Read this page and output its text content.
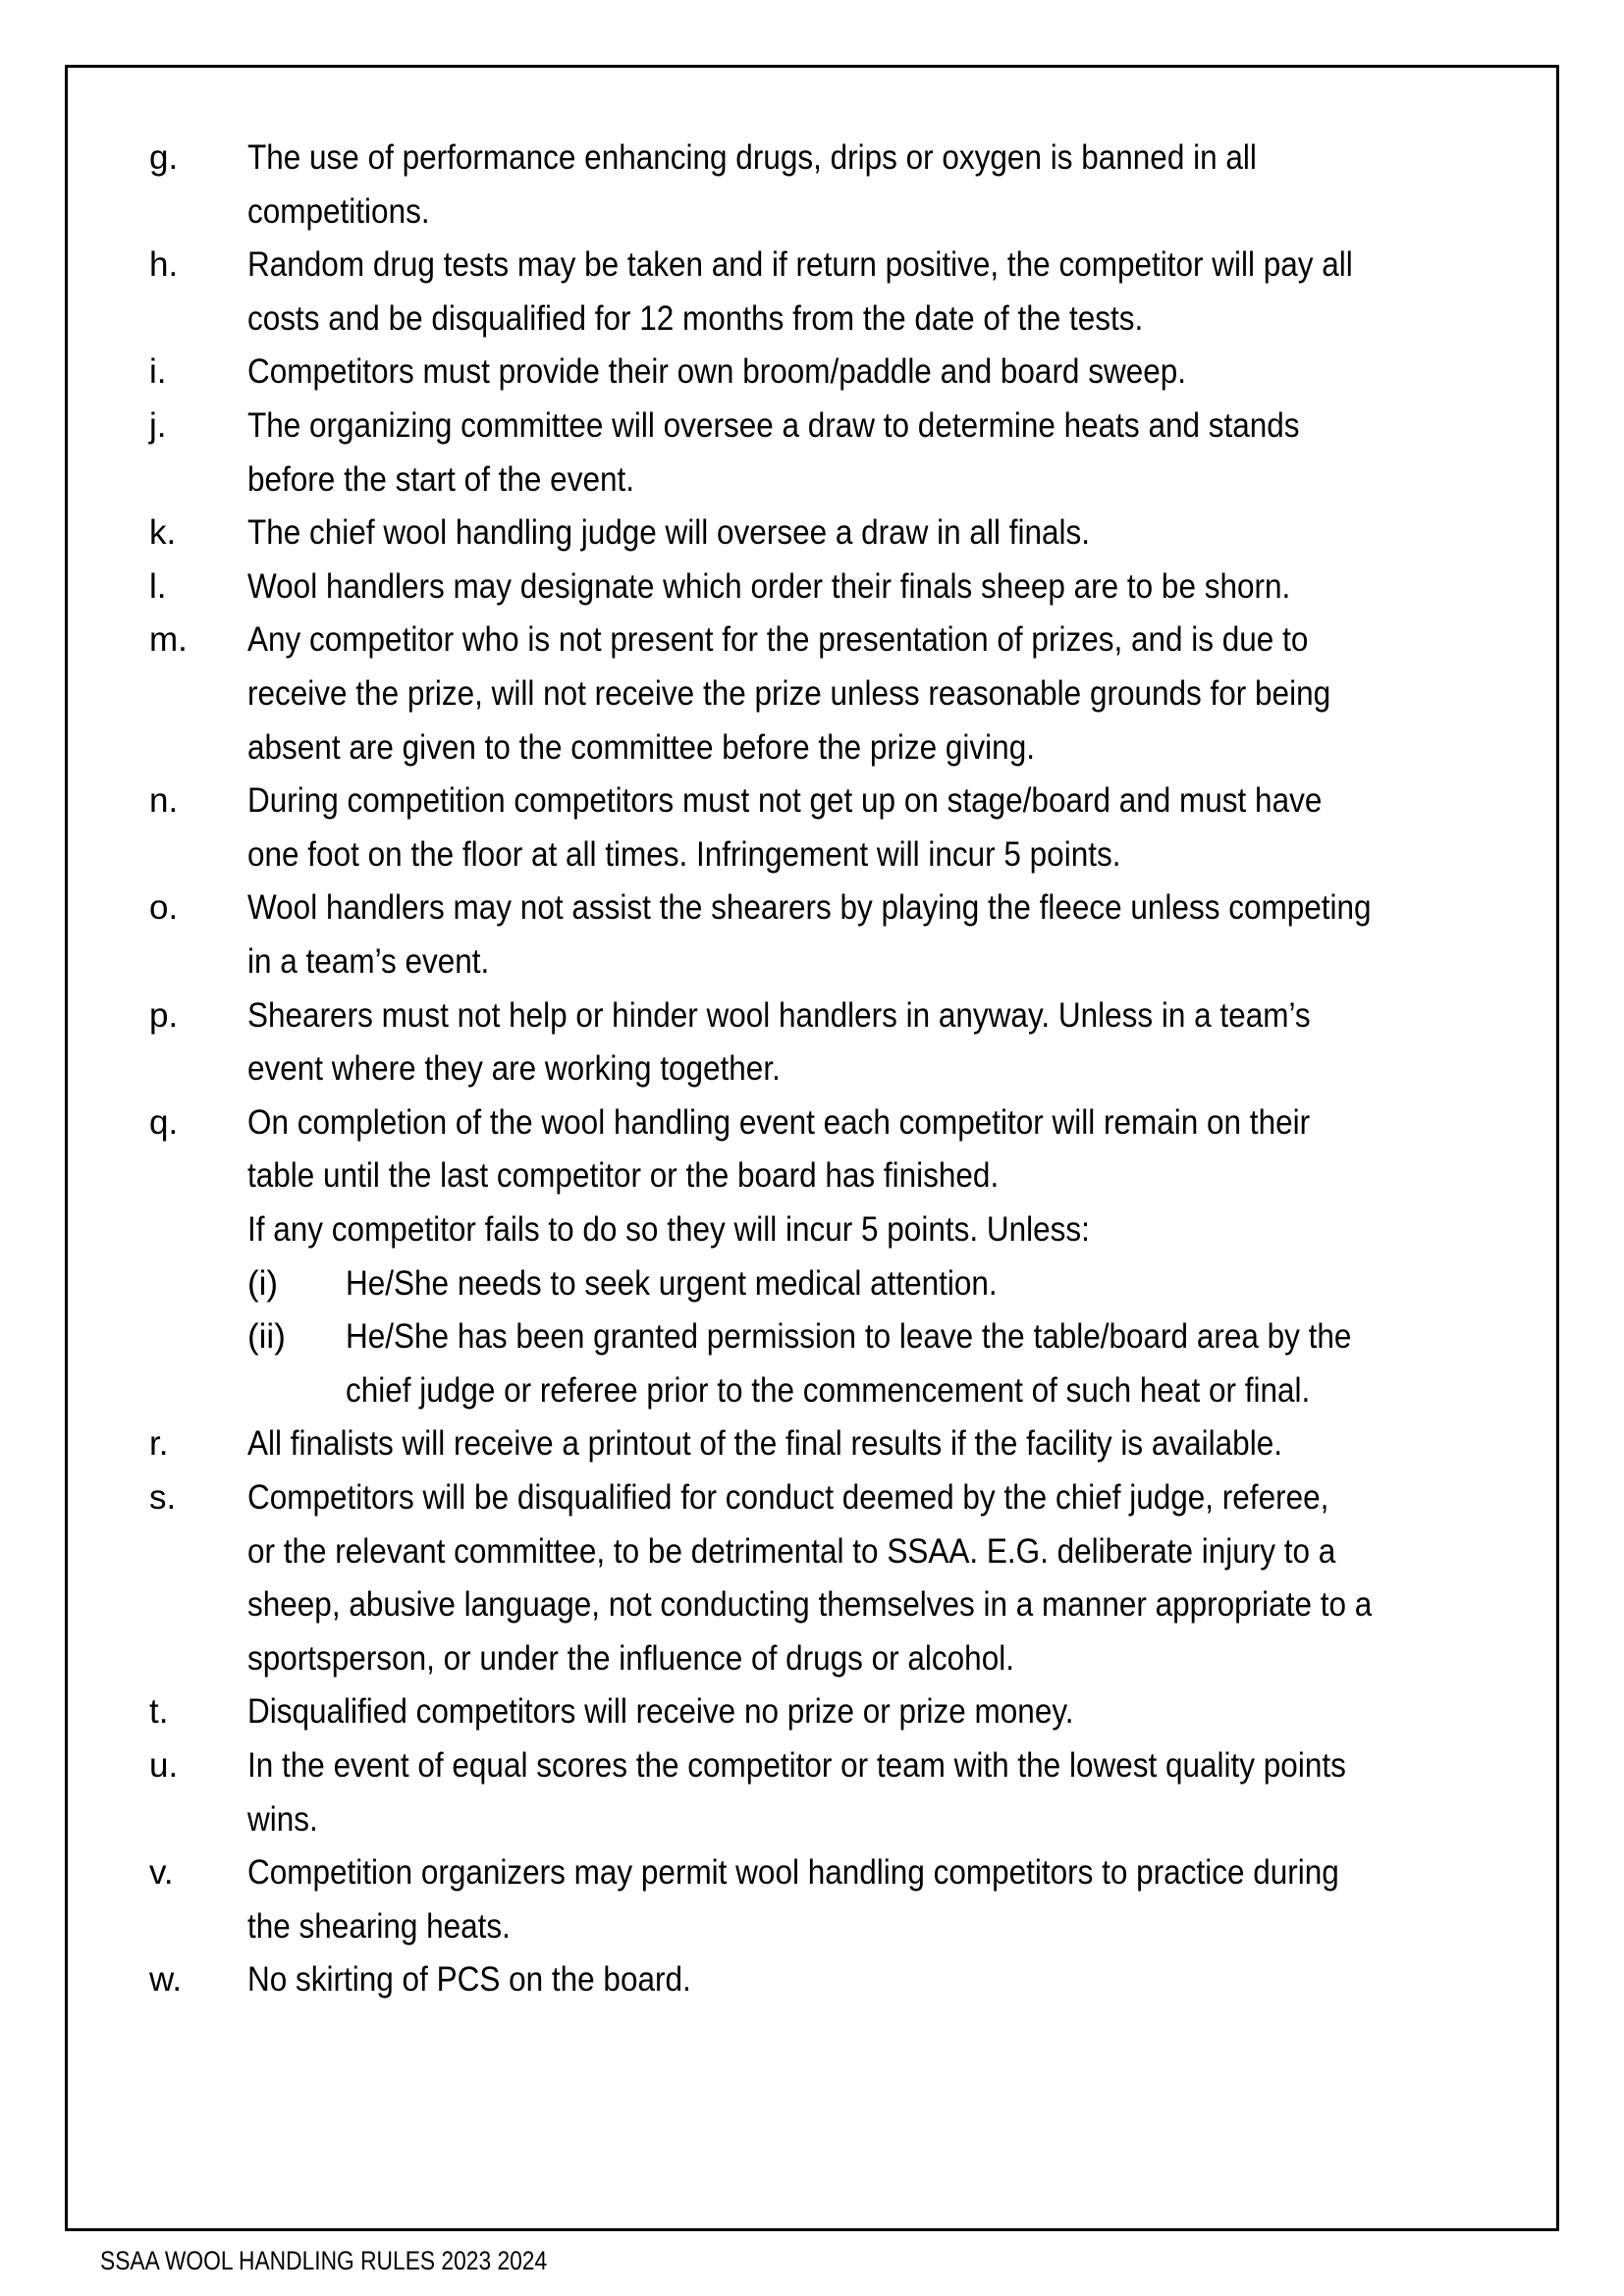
g. The use of performance enhancing drugs, drips or oxygen is banned in all
competitions.
h. Random drug tests may be taken and if return positive, the competitor will pay all
costs and be disqualified for 12 months from the date of the tests.
i. Competitors must provide their own broom/paddle and board sweep.
j. The organizing committee will oversee a draw to determine heats and stands
before the start of the event.
k. The chief wool handling judge will oversee a draw in all finals.
l. Wool handlers may designate which order their finals sheep are to be shorn.
m. Any competitor who is not present for the presentation of prizes, and is due to
receive the prize, will not receive the prize unless reasonable grounds for being
absent are given to the committee before the prize giving.
n. During competition competitors must not get up on stage/board and must have
one foot on the floor at all times. Infringement will incur 5 points.
o. Wool handlers may not assist the shearers by playing the fleece unless competing
in a team’s event.
p. Shearers must not help or hinder wool handlers in anyway. Unless in a team’s
event where they are working together.
q. On completion of the wool handling event each competitor will remain on their
table until the last competitor or the board has finished.
If any competitor fails to do so they will incur 5 points. Unless:
(i) He/She needs to seek urgent medical attention.
(ii) He/She has been granted permission to leave the table/board area by the
chief judge or referee prior to the commencement of such heat or final.
r. All finalists will receive a printout of the final results if the facility is available.
s. Competitors will be disqualified for conduct deemed by the chief judge, referee,
or the relevant committee, to be detrimental to SSAA. E.G. deliberate injury to a
sheep, abusive language, not conducting themselves in a manner appropriate to a
sportsperson, or under the influence of drugs or alcohol.
t. Disqualified competitors will receive no prize or prize money.
u. In the event of equal scores the competitor or team with the lowest quality points
wins.
v. Competition organizers may permit wool handling competitors to practice during
the shearing heats.
w. No skirting of PCS on the board.
SSAA WOOL HANDLING RULES 2023 2024
